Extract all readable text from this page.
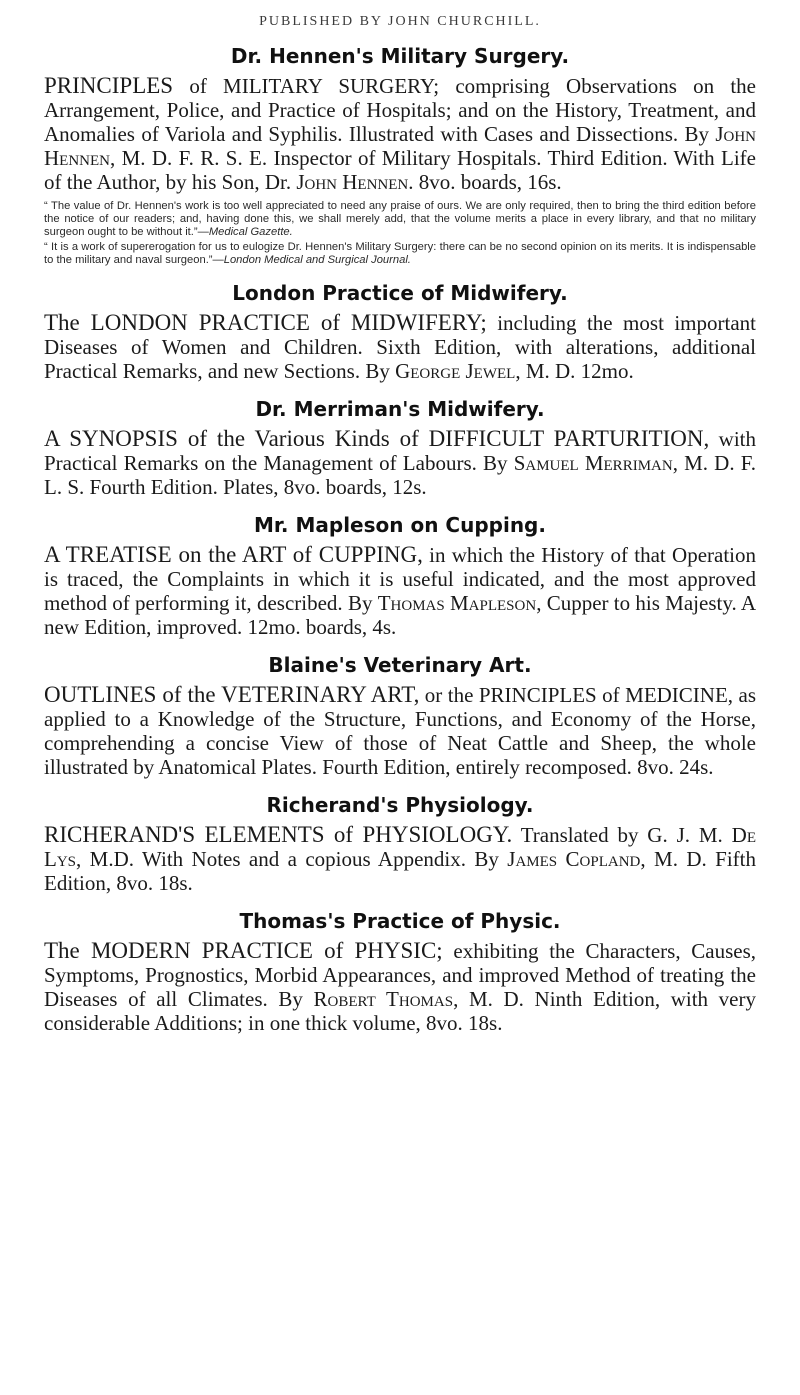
PUBLISHED BY JOHN CHURCHILL.
Dr. Hennen's Military Surgery.

PRINCIPLES of MILITARY SURGERY; comprising Observations on the Arrangement, Police, and Practice of Hospitals; and on the History, Treatment, and Anomalies of Variola and Syphilis. Illustrated with Cases and Dissections. By John Hennen, M. D. F. R. S. E. Inspector of Military Hospitals. Third Edition. With Life of the Author, by his Son, Dr. John Hennen. 8vo. boards, 16s.

“ The value of Dr. Hennen's work is too well appreciated to need any praise of ours. We are only required, then to bring the third edition before the notice of our readers; and, having done this, we shall merely add, that the volume merits a place in every library, and that no military surgeon ought to be without it.”—Medical Gazette.

“ It is a work of supererogation for us to eulogize Dr. Hennen's Military Surgery: there can be no second opinion on its merits. It is indispensable to the military and naval surgeon.”—London Medical and Surgical Journal.

London Practice of Midwifery.

The LONDON PRACTICE of MIDWIFERY; including the most important Diseases of Women and Children. Sixth Edition, with alterations, additional Practical Remarks, and new Sections. By George Jewel, M. D. 12mo.

Dr. Merriman's Midwifery.

A SYNOPSIS of the Various Kinds of DIFFICULT PARTURITION, with Practical Remarks on the Management of Labours. By Samuel Merriman, M. D. F. L. S. Fourth Edition. Plates, 8vo. boards, 12s.

Mr. Mapleson on Cupping.

A TREATISE on the ART of CUPPING, in which the History of that Operation is traced, the Complaints in which it is useful indicated, and the most approved method of performing it, described. By Thomas Mapleson, Cupper to his Majesty. A new Edition, improved. 12mo. boards, 4s.

Blaine's Veterinary Art.

OUTLINES of the VETERINARY ART, or the PRINCIPLES of MEDICINE, as applied to a Knowledge of the Structure, Functions, and Economy of the Horse, comprehending a concise View of those of Neat Cattle and Sheep, the whole illustrated by Anatomical Plates. Fourth Edition, entirely recomposed. 8vo. 24s.

Richerand's Physiology.

RICHERAND'S ELEMENTS of PHYSIOLOGY. Translated by G. J. M. De Lys, M.D. With Notes and a copious Appendix. By James Copland, M. D. Fifth Edition, 8vo. 18s.

Thomas's Practice of Physic.

The MODERN PRACTICE of PHYSIC; exhibiting the Characters, Causes, Symptoms, Prognostics, Morbid Appearances, and improved Method of treating the Diseases of all Climates. By Robert Thomas, M. D. Ninth Edition, with very considerable Additions; in one thick volume, 8vo. 18s.
